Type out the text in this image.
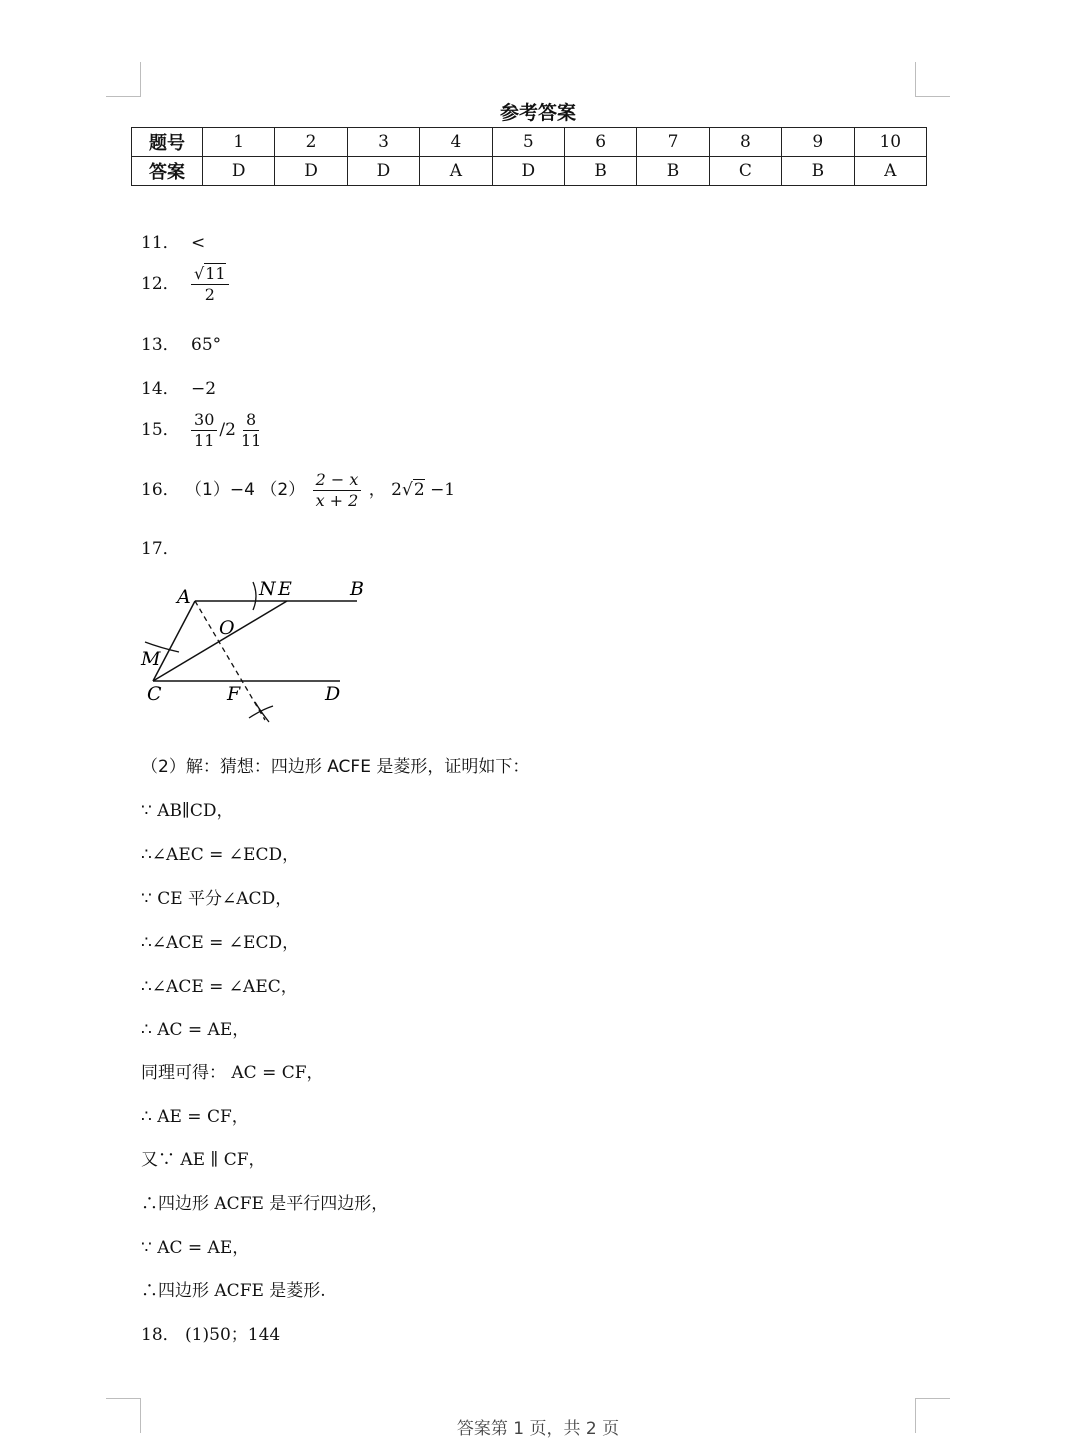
参考答案
题号	1	2	3	4	5	6	7	8	9	10
答案	D	D	D	A	D	B	B	C	B	A
11． <
12． $\frac{√11}{2}$
13． 65°
14． −2
15． $\frac{30}{11} /2 \frac{8}{11}$
16． （1）−4 $(2) \frac{2 - x}{x + 2}$ ， 2√2 −1
17．
A	N E	B
O
M
C	F	D
（2）解：猜想：四边形 ACFE 是菱形，证明如下：
∵ AB∥CD，
∴∠AEC = ∠ECD，
∵ CE 平分∠ACD，
∴∠ACE = ∠ECD，
∴∠ACE = ∠AEC，
∴ AC = AE，
同理可得： AC = CF，
∴ AE = CF，
又∵ AE ∥ CF，
∴四边形 ACFE 是平行四边形，
∵ AC = AE，
∴四边形 ACFE 是菱形.
18． (1)50；144
答案第 1 页，共 2 页
